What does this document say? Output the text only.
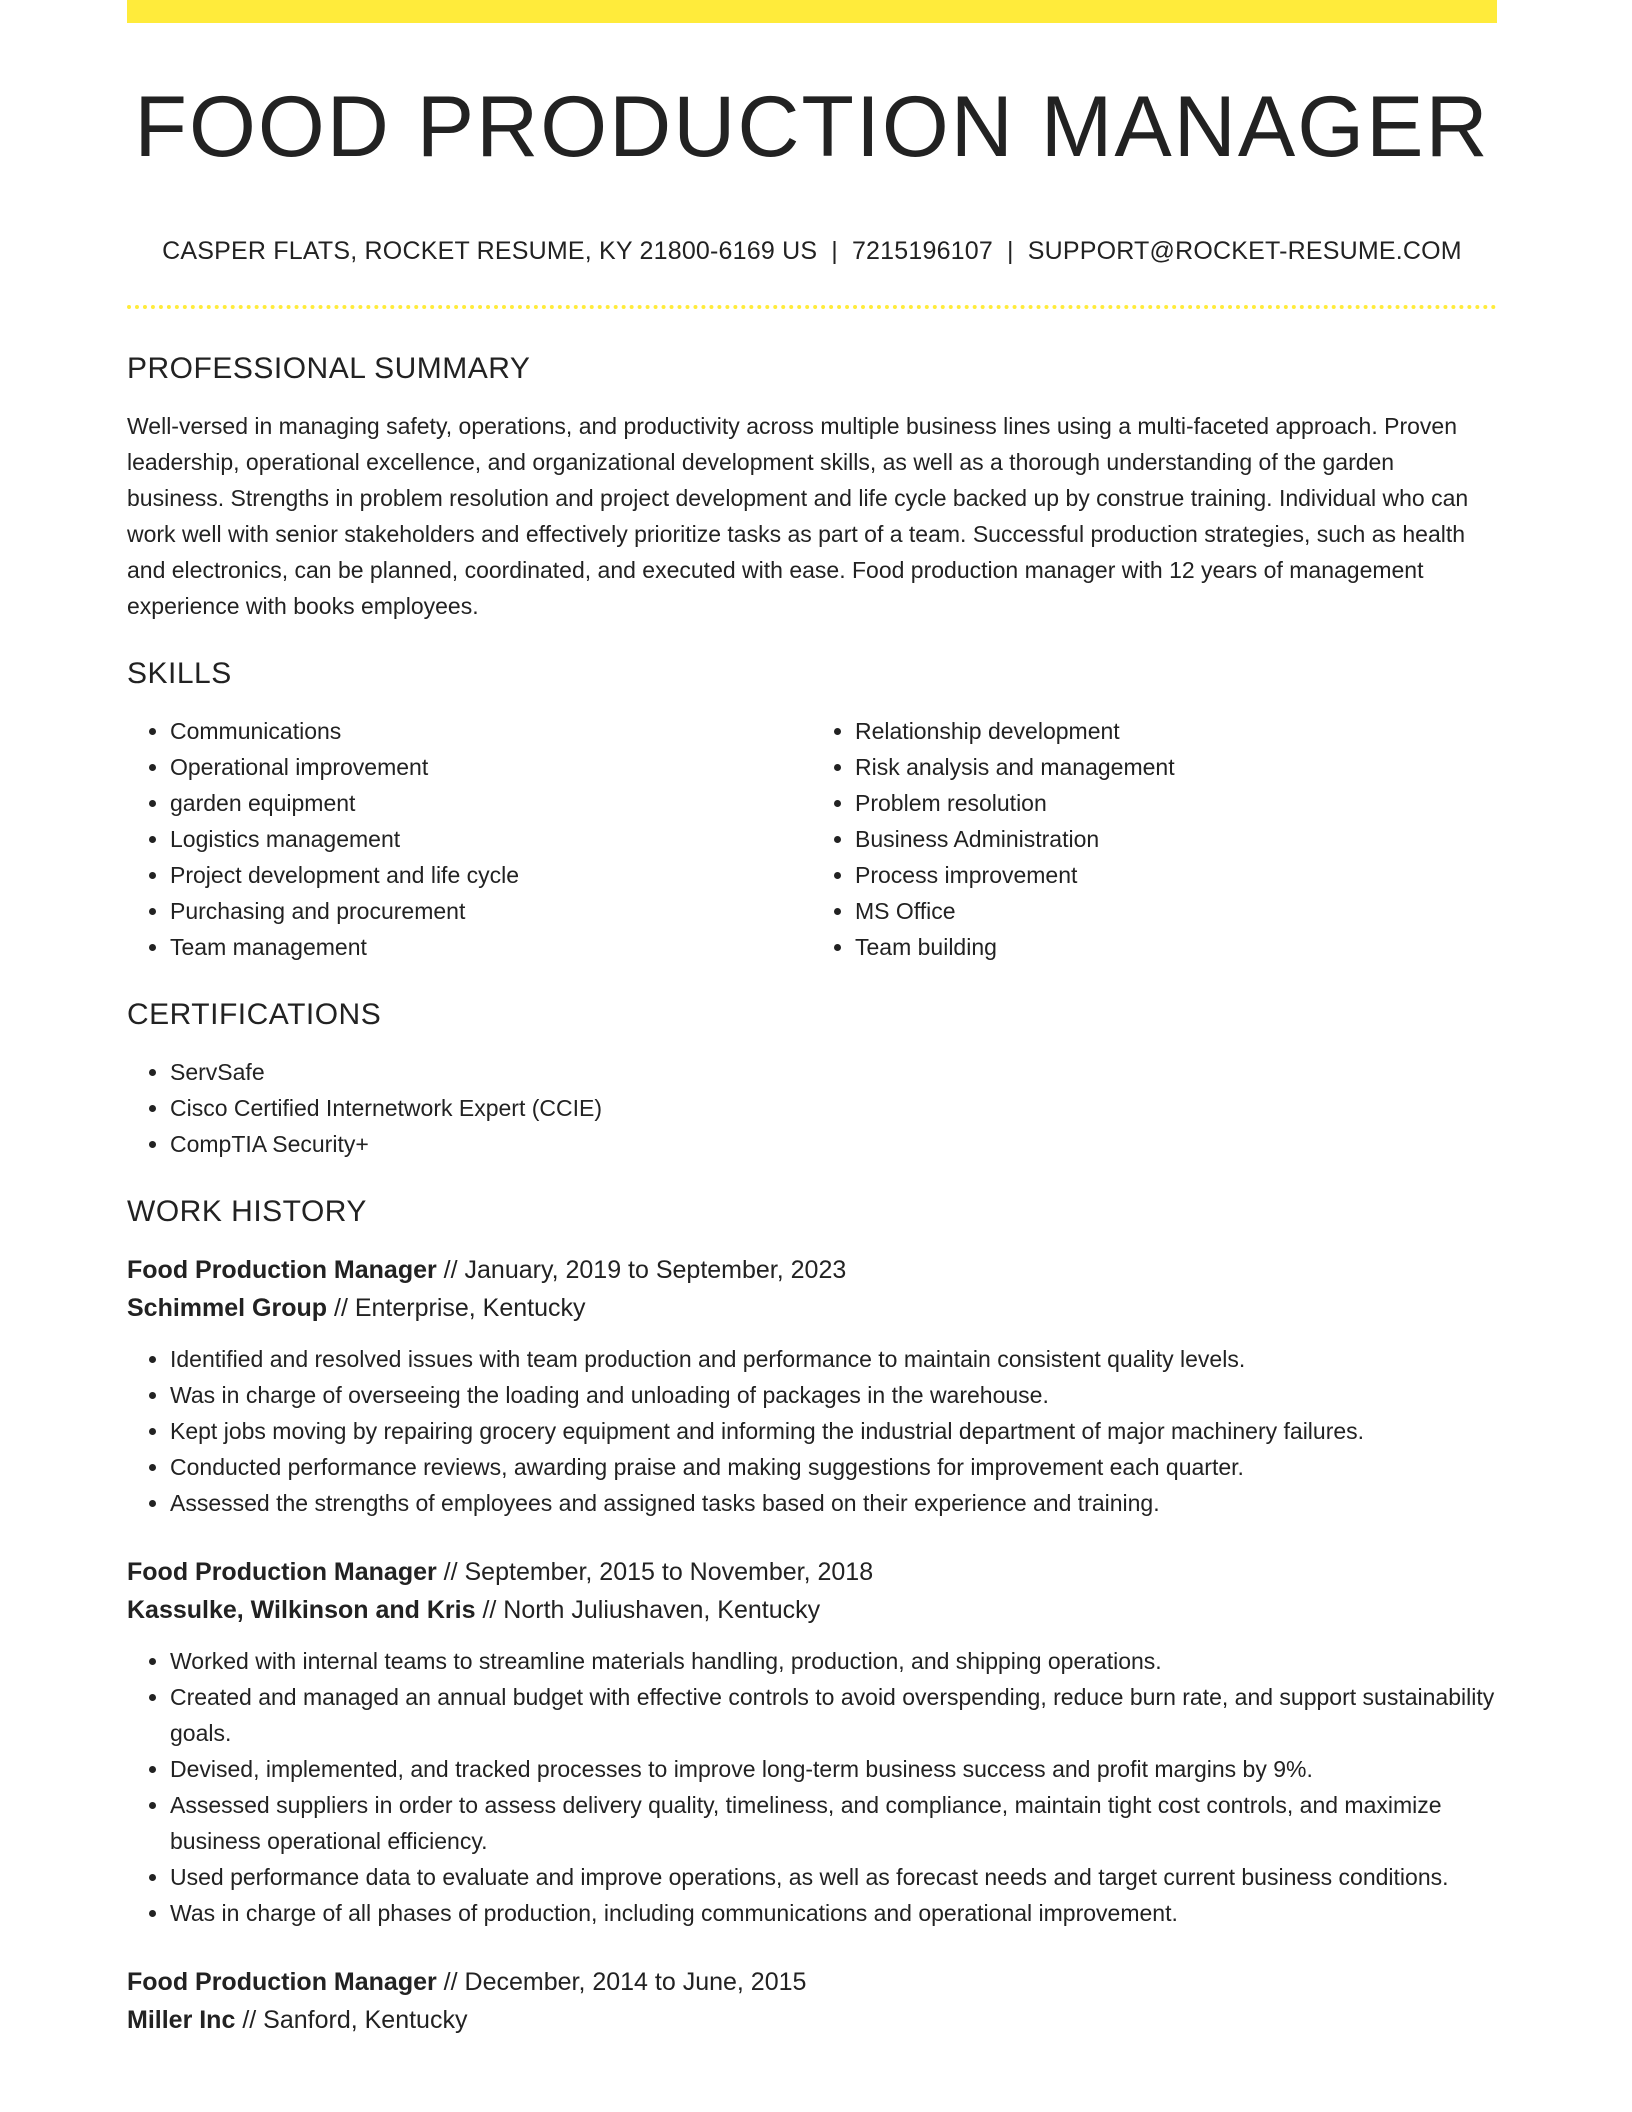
FOOD PRODUCTION MANAGER
CASPER FLATS, ROCKET RESUME, KY 21800-6169 US | 7215196107 | SUPPORT@ROCKET-RESUME.COM
PROFESSIONAL SUMMARY

Well-versed in managing safety, operations, and productivity across multiple business lines using a multi-faceted approach. Proven leadership, operational excellence, and organizational development skills, as well as a thorough understanding of the garden business. Strengths in problem resolution and project development and life cycle backed up by construe training. Individual who can work well with senior stakeholders and effectively prioritize tasks as part of a team. Successful production strategies, such as health and electronics, can be planned, coordinated, and executed with ease. Food production manager with 12 years of management experience with books employees.

SKILLS
• Communications
• Operational improvement
• garden equipment
• Logistics management
• Project development and life cycle
• Purchasing and procurement
• Team management
• Relationship development
• Risk analysis and management
• Problem resolution
• Business Administration
• Process improvement
• MS Office
• Team building
CERTIFICATIONS
• ServSafe
• Cisco Certified Internetwork Expert (CCIE)
• CompTIA Security+
WORK HISTORY
Food Production Manager // January, 2019 to September, 2023
Schimmel Group // Enterprise, Kentucky
• Identified and resolved issues with team production and performance to maintain consistent quality levels.
• Was in charge of overseeing the loading and unloading of packages in the warehouse.
• Kept jobs moving by repairing grocery equipment and informing the industrial department of major machinery failures.
• Conducted performance reviews, awarding praise and making suggestions for improvement each quarter.
• Assessed the strengths of employees and assigned tasks based on their experience and training.
Food Production Manager // September, 2015 to November, 2018
Kassulke, Wilkinson and Kris // North Juliushaven, Kentucky
• Worked with internal teams to streamline materials handling, production, and shipping operations.
• Created and managed an annual budget with effective controls to avoid overspending, reduce burn rate, and support sustainability goals.
• Devised, implemented, and tracked processes to improve long-term business success and profit margins by 9%.
• Assessed suppliers in order to assess delivery quality, timeliness, and compliance, maintain tight cost controls, and maximize business operational efficiency.
• Used performance data to evaluate and improve operations, as well as forecast needs and target current business conditions.
• Was in charge of all phases of production, including communications and operational improvement.
Food Production Manager // December, 2014 to June, 2015
Miller Inc // Sanford, Kentucky
